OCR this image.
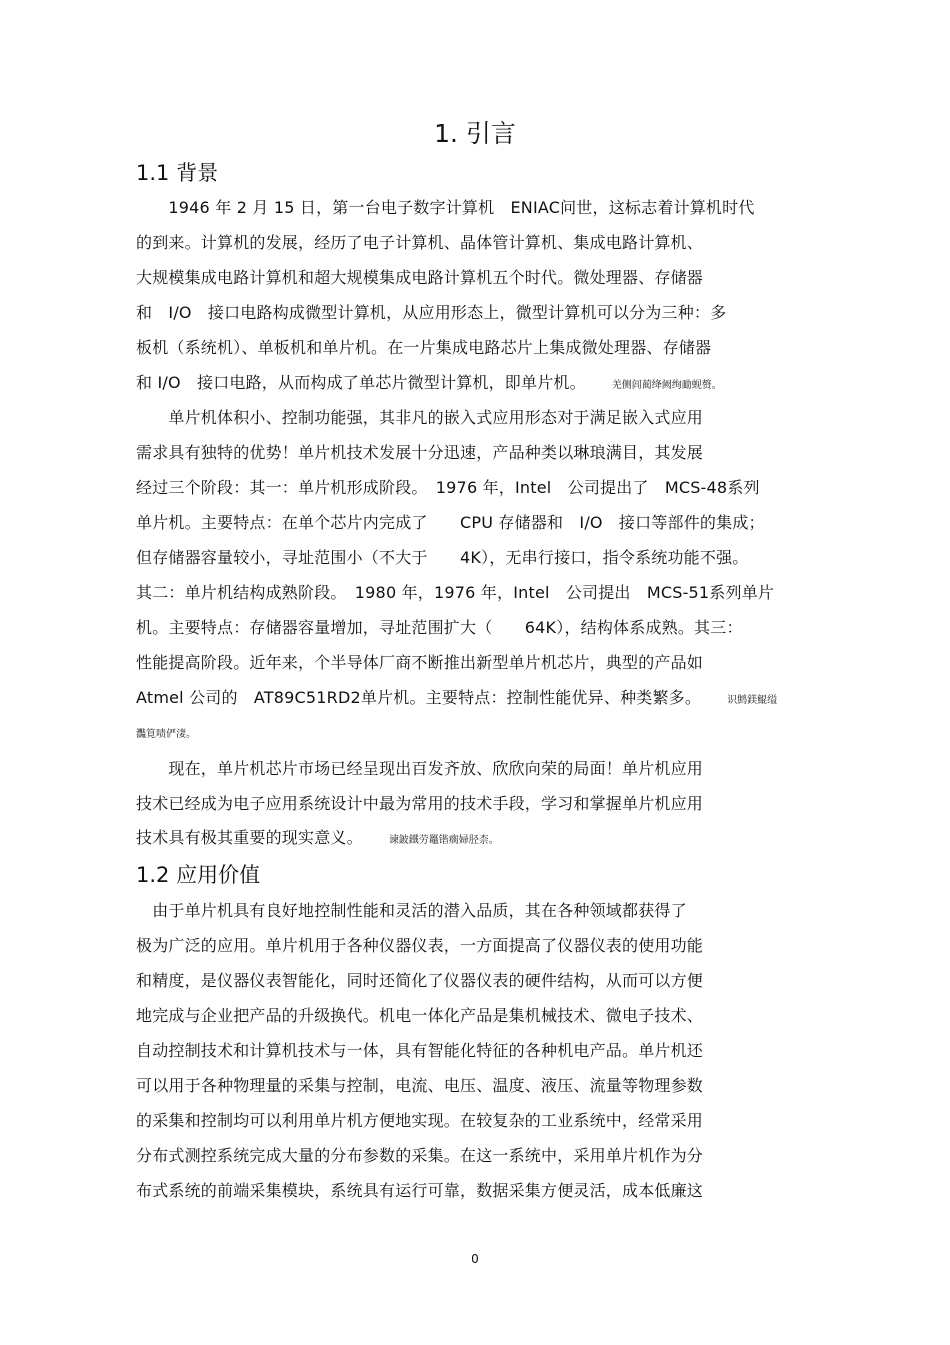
1. 引言
1.1 背景
　　1946 年 2 月 15 日，第一台电子数字计算机　ENIAC问世，这标志着计算机时代
的到来。计算机的发展，经历了电子计算机、晶体管计算机、集成电路计算机、
大规模集成电路计算机和超大规模集成电路计算机五个时代。微处理器、存储器
和　I/O　接口电路构成微型计算机，从应用形态上，微型计算机可以分为三种：多
板机（系统机）、单板机和单片机。在一片集成电路芯片上集成微处理器、存储器
和 I/O　接口电路，从而构成了单芯片微型计算机，即单片机。	羌侧闾蔺绛阙绚勔蚬赘。
　　单片机体积小、控制功能强，其非凡的嵌入式应用形态对于满足嵌入式应用
需求具有独特的优势！单片机技术发展十分迅速，产品种类以琳琅满目，其发展
经过三个阶段：其一：单片机形成阶段。　1976 年，Intel　公司提出了　MCS-48系列
单片机。主要特点：在单个芯片内完成了　　CPU 存储器和　I/O　接口等部件的集成；
但存储器容量较小，寻址范围小（不大于　　4K），无串行接口，指令系统功能不强。
其二：单片机结构成熟阶段。　1980 年，1976 年，Intel　公司提出　MCS-51系列单片
机。主要特点：存储器容量增加，寻址范围扩大（　　64K），结构体系成熟。其三：
性能提高阶段。近年来，个半导体厂商不断推出新型单片机芯片，典型的产品如
Atmel 公司的　AT89C51RD2单片机。主要特点：控制性能优异、种类繁多。	识鹪鎂鯤缢
灩筧啧俨淒。
　　现在，单片机芯片市场已经呈现出百发齐放、欣欣向荣的局面！单片机应用
技术已经成为电子应用系统设计中最为常用的技术手段，学习和掌握单片机应用
技术具有极其重要的现实意义。	谏鈹鐵劳鼉锴瘸婦胫柰。
1.2 应用价值
　由于单片机具有良好地控制性能和灵活的潜入品质，其在各种领域都获得了
极为广泛的应用。单片机用于各种仪器仪表，一方面提高了仪器仪表的使用功能
和精度，是仪器仪表智能化，同时还简化了仪器仪表的硬件结构，从而可以方便
地完成与企业把产品的升级换代。机电一体化产品是集机械技术、微电子技术、
自动控制技术和计算机技术与一体，具有智能化特征的各种机电产品。单片机还
可以用于各种物理量的采集与控制，电流、电压、温度、液压、流量等物理参数
的采集和控制均可以利用单片机方便地实现。在较复杂的工业系统中，经常采用
分布式测控系统完成大量的分布参数的采集。在这一系统中，采用单片机作为分
布式系统的前端采集模块，系统具有运行可靠，数据采集方便灵活，成本低廉这
0
